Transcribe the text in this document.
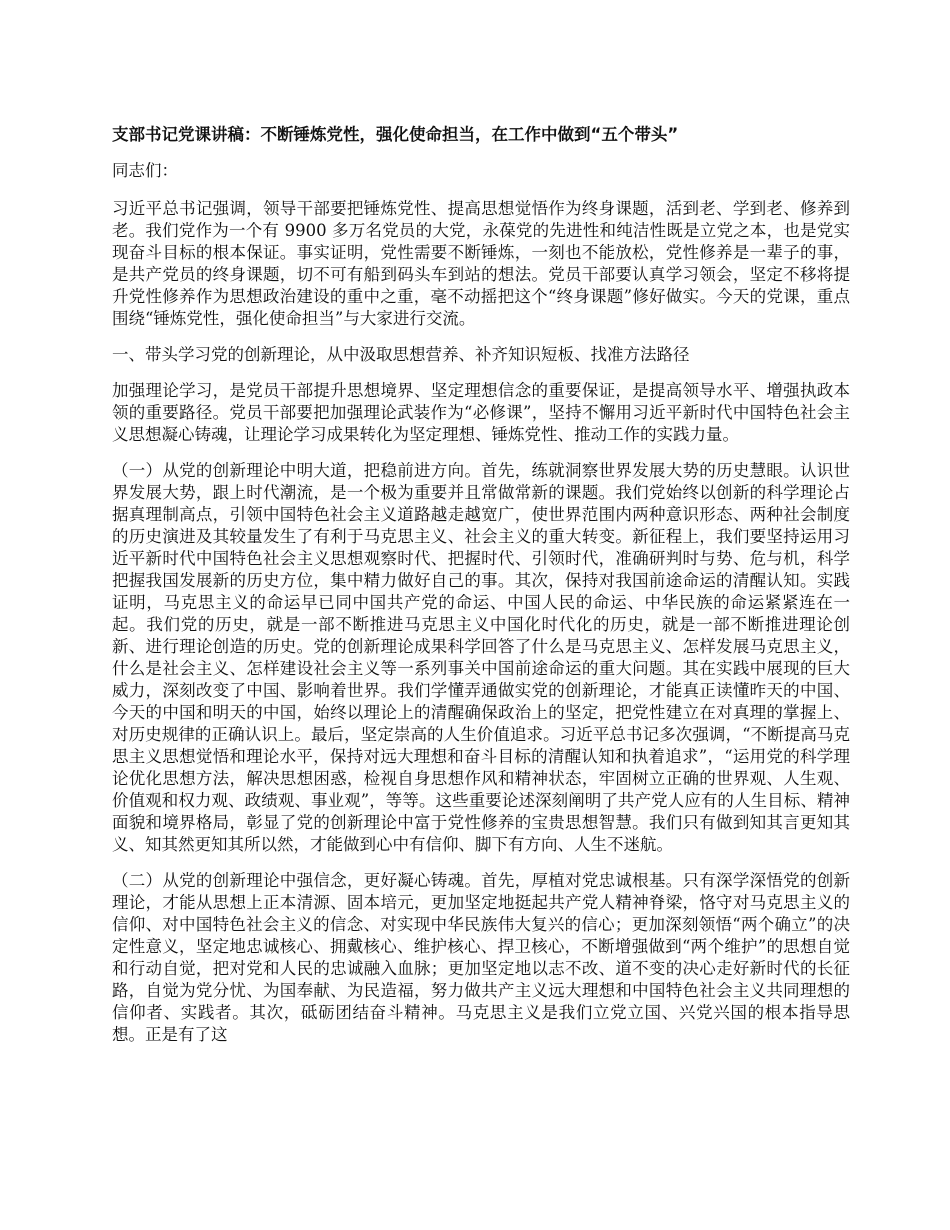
支部书记党课讲稿：不断锤炼党性，强化使命担当，在工作中做到“五个带头”

同志们：

习近平总书记强调，领导干部要把锤炼党性、提高思想觉悟作为终身课题，活到老、学到老、修养到老。我们党作为一个有 9900 多万名党员的大党，永葆党的先进性和纯洁性既是立党之本，也是党实现奋斗目标的根本保证。事实证明，党性需要不断锤炼，一刻也不能放松，党性修养是一辈子的事，是共产党员的终身课题，切不可有船到码头车到站的想法。党员干部要认真学习领会，坚定不移将提升党性修养作为思想政治建设的重中之重，毫不动摇把这个“终身课题”修好做实。今天的党课，重点围绕“锤炼党性，强化使命担当”与大家进行交流。

一、带头学习党的创新理论，从中汲取思想营养、补齐知识短板、找准方法路径

加强理论学习，是党员干部提升思想境界、坚定理想信念的重要保证，是提高领导水平、增强执政本领的重要路径。党员干部要把加强理论武装作为“必修课”，坚持不懈用习近平新时代中国特色社会主义思想凝心铸魂，让理论学习成果转化为坚定理想、锤炼党性、推动工作的实践力量。

（一）从党的创新理论中明大道，把稳前进方向。首先，练就洞察世界发展大势的历史慧眼。认识世界发展大势，跟上时代潮流，是一个极为重要并且常做常新的课题。我们党始终以创新的科学理论占据真理制高点，引领中国特色社会主义道路越走越宽广，使世界范围内两种意识形态、两种社会制度的历史演进及其较量发生了有利于马克思主义、社会主义的重大转变。新征程上，我们要坚持运用习近平新时代中国特色社会主义思想观察时代、把握时代、引领时代，准确研判时与势、危与机，科学把握我国发展新的历史方位，集中精力做好自己的事。其次，保持对我国前途命运的清醒认知。实践证明，马克思主义的命运早已同中国共产党的命运、中国人民的命运、中华民族的命运紧紧连在一起。我们党的历史，就是一部不断推进马克思主义中国化时代化的历史，就是一部不断推进理论创新、进行理论创造的历史。党的创新理论成果科学回答了什么是马克思主义、怎样发展马克思主义，什么是社会主义、怎样建设社会主义等一系列事关中国前途命运的重大问题。其在实践中展现的巨大威力，深刻改变了中国、影响着世界。我们学懂弄通做实党的创新理论，才能真正读懂昨天的中国、今天的中国和明天的中国，始终以理论上的清醒确保政治上的坚定，把党性建立在对真理的掌握上、对历史规律的正确认识上。最后，坚定崇高的人生价值追求。习近平总书记多次强调，“不断提高马克思主义思想觉悟和理论水平，保持对远大理想和奋斗目标的清醒认知和执着追求”，“运用党的科学理论优化思想方法，解决思想困惑，检视自身思想作风和精神状态，牢固树立正确的世界观、人生观、价值观和权力观、政绩观、事业观”，等等。这些重要论述深刻阐明了共产党人应有的人生目标、精神面貌和境界格局，彰显了党的创新理论中富于党性修养的宝贵思想智慧。我们只有做到知其言更知其义、知其然更知其所以然，才能做到心中有信仰、脚下有方向、人生不迷航。

（二）从党的创新理论中强信念，更好凝心铸魂。首先，厚植对党忠诚根基。只有深学深悟党的创新理论，才能从思想上正本清源、固本培元，更加坚定地挺起共产党人精神脊梁，恪守对马克思主义的信仰、对中国特色社会主义的信念、对实现中华民族伟大复兴的信心；更加深刻领悟“两个确立”的决定性意义，坚定地忠诚核心、拥戴核心、维护核心、捍卫核心，不断增强做到“两个维护”的思想自觉和行动自觉，把对党和人民的忠诚融入血脉；更加坚定地以志不改、道不变的决心走好新时代的长征路，自觉为党分忧、为国奉献、为民造福，努力做共产主义远大理想和中国特色社会主义共同理想的信仰者、实践者。其次，砥砺团结奋斗精神。马克思主义是我们立党立国、兴党兴国的根本指导思想。正是有了这
